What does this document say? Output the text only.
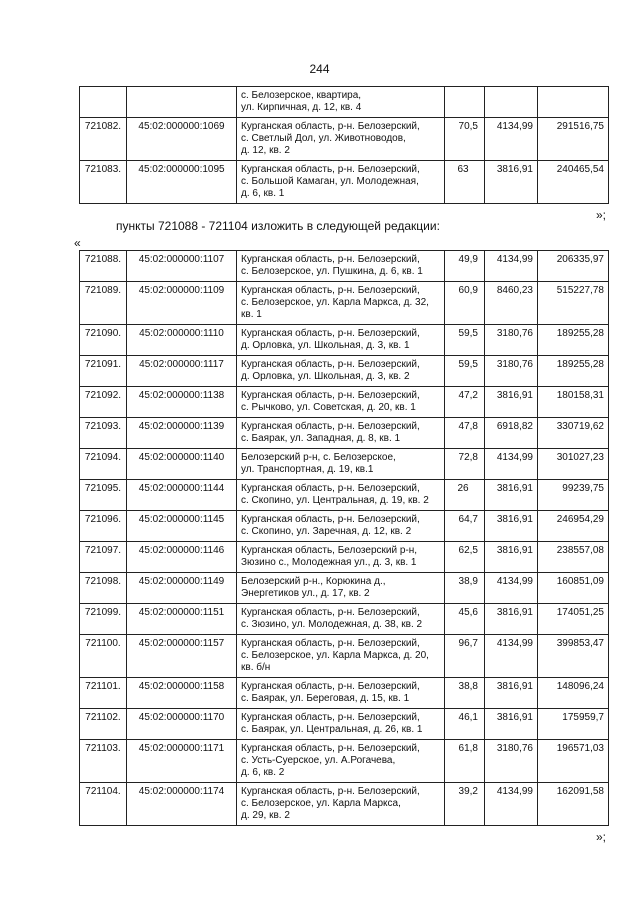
244
		с. Белозерское, квартира,
ул. Кирпичная, д. 12, кв. 4			
721082.	45:02:000000:1069	Курганская область, р-н. Белозерский,
с. Светлый Дол, ул. Животноводов,
д. 12, кв. 2	70,5	4134,99	291516,75
721083.	45:02:000000:1095	Курганская область, р-н. Белозерский,
с. Большой Камаган, ул. Молодежная,
д. 6, кв. 1	63	3816,91	240465,54
»;
пункты 721088 - 721104 изложить в следующей редакции:
«
721088.	45:02:000000:1107	Курганская область, р-н. Белозерский,
с. Белозерское, ул. Пушкина, д. 6, кв. 1	49,9	4134,99	206335,97
721089.	45:02:000000:1109	Курганская область, р-н. Белозерский,
с. Белозерское, ул. Карла Маркса, д. 32,
кв. 1	60,9	8460,23	515227,78
721090.	45:02:000000:1110	Курганская область, р-н. Белозерский,
д. Орловка, ул. Школьная, д. 3, кв. 1	59,5	3180,76	189255,28
721091.	45:02:000000:1117	Курганская область, р-н. Белозерский,
д. Орловка, ул. Школьная, д. 3, кв. 2	59,5	3180,76	189255,28
721092.	45:02:000000:1138	Курганская область, р-н. Белозерский,
с. Рычково, ул. Советская, д. 20, кв. 1	47,2	3816,91	180158,31
721093.	45:02:000000:1139	Курганская область, р-н. Белозерский,
с. Баярак, ул. Западная, д. 8, кв. 1	47,8	6918,82	330719,62
721094.	45:02:000000:1140	Белозерский р-н, с. Белозерское,
ул. Транспортная, д. 19, кв.1	72,8	4134,99	301027,23
721095.	45:02:000000:1144	Курганская область, р-н. Белозерский,
с. Скопино, ул. Центральная, д. 19, кв. 2	26	3816,91	99239,75
721096.	45:02:000000:1145	Курганская область, р-н. Белозерский,
с. Скопино, ул. Заречная, д. 12, кв. 2	64,7	3816,91	246954,29
721097.	45:02:000000:1146	Курганская область, Белозерский р-н,
Зюзино с., Молодежная ул., д. 3, кв. 1	62,5	3816,91	238557,08
721098.	45:02:000000:1149	Белозерский р-н., Корюкина д.,
Энергетиков ул., д. 17, кв. 2	38,9	4134,99	160851,09
721099.	45:02:000000:1151	Курганская область, р-н. Белозерский,
с. Зюзино, ул. Молодежная, д. 38, кв. 2	45,6	3816,91	174051,25
721100.	45:02:000000:1157	Курганская область, р-н. Белозерский,
с. Белозерское, ул. Карла Маркса, д. 20,
кв. б/н	96,7	4134,99	399853,47
721101.	45:02:000000:1158	Курганская область, р-н. Белозерский,
с. Баярак, ул. Береговая, д. 15, кв. 1	38,8	3816,91	148096,24
721102.	45:02:000000:1170	Курганская область, р-н. Белозерский,
с. Баярак, ул. Центральная, д. 26, кв. 1	46,1	3816,91	175959,7
721103.	45:02:000000:1171	Курганская область, р-н. Белозерский,
с. Усть-Суерское, ул. А.Рогачева,
д. 6, кв. 2	61,8	3180,76	196571,03
721104.	45:02:000000:1174	Курганская область, р-н. Белозерский,
с. Белозерское, ул. Карла Маркса,
д. 29, кв. 2	39,2	4134,99	162091,58
»;
